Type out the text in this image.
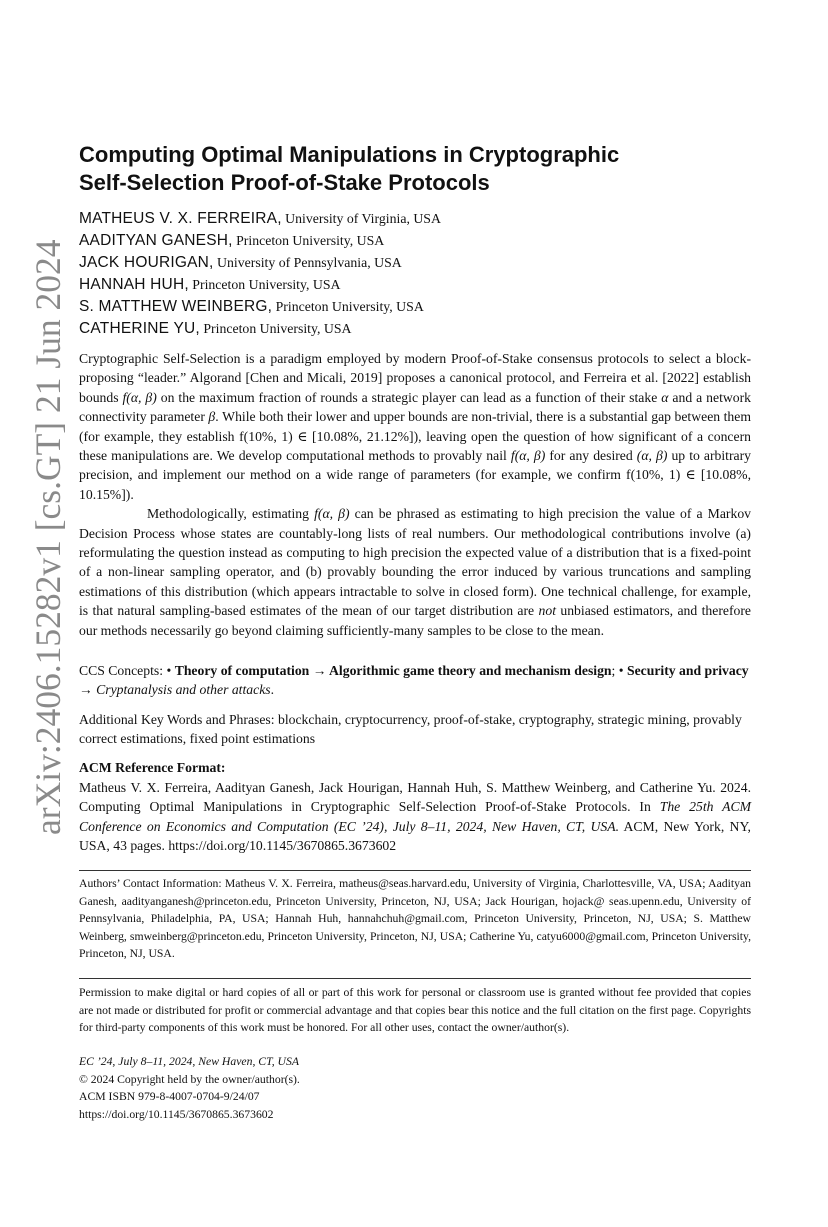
arXiv:2406.15282v1 [cs.GT] 21 Jun 2024
Computing Optimal Manipulations in Cryptographic
Self-Selection Proof-of-Stake Protocols
MATHEUS V. X. FERREIRA, University of Virginia, USA
AADITYAN GANESH, Princeton University, USA
JACK HOURIGAN, University of Pennsylvania, USA
HANNAH HUH, Princeton University, USA
S. MATTHEW WEINBERG, Princeton University, USA
CATHERINE YU, Princeton University, USA

Cryptographic Self-Selection is a paradigm employed by modern Proof-of-Stake consensus protocols to select a block-proposing “leader.” Algorand [Chen and Micali, 2019] proposes a canonical protocol, and Ferreira et al. [2022] establish bounds f(α, β) on the maximum fraction of rounds a strategic player can lead as a function of their stake α and a network connectivity parameter β. While both their lower and upper bounds are non-trivial, there is a substantial gap between them (for example, they establish f(10%, 1) ∈ [10.08%, 21.12%]), leaving open the question of how significant of a concern these manipulations are. We develop computational methods to provably nail f(α, β) for any desired (α, β) up to arbitrary precision, and implement our method on a wide range of parameters (for example, we confirm f(10%, 1) ∈ [10.08%, 10.15%]).

Methodologically, estimating f(α, β) can be phrased as estimating to high precision the value of a Markov Decision Process whose states are countably-long lists of real numbers. Our methodological contributions involve (a) reformulating the question instead as computing to high precision the expected value of a distribution that is a fixed-point of a non-linear sampling operator, and (b) provably bounding the error induced by various truncations and sampling estimations of this distribution (which appears intractable to solve in closed form). One technical challenge, for example, is that natural sampling-based estimates of the mean of our target distribution are not unbiased estimators, and therefore our methods necessarily go beyond claiming sufficiently-many samples to be close to the mean.

CCS Concepts: • Theory of computation → Algorithmic game theory and mechanism design; • Security and privacy → Cryptanalysis and other attacks.
Additional Key Words and Phrases: blockchain, cryptocurrency, proof-of-stake, cryptography, strategic mining, provably correct estimations, fixed point estimations
ACM Reference Format:
Matheus V. X. Ferreira, Aadityan Ganesh, Jack Hourigan, Hannah Huh, S. Matthew Weinberg, and Catherine Yu. 2024. Computing Optimal Manipulations in Cryptographic Self-Selection Proof-of-Stake Protocols. In The 25th ACM Conference on Economics and Computation (EC ’24), July 8–11, 2024, New Haven, CT, USA. ACM, New York, NY, USA, 43 pages. https://doi.org/10.1145/3670865.3673602
Authors’ Contact Information: Matheus V. X. Ferreira, matheus@seas.harvard.edu, University of Virginia, Charlottesville, VA, USA; Aadityan Ganesh, aadityanganesh@princeton.edu, Princeton University, Princeton, NJ, USA; Jack Hourigan, hojack@ seas.upenn.edu, University of Pennsylvania, Philadelphia, PA, USA; Hannah Huh, hannahchuh@gmail.com, Princeton University, Princeton, NJ, USA; S. Matthew Weinberg, smweinberg@princeton.edu, Princeton University, Princeton, NJ, USA; Catherine Yu, catyu6000@gmail.com, Princeton University, Princeton, NJ, USA.
Permission to make digital or hard copies of all or part of this work for personal or classroom use is granted without fee provided that copies are not made or distributed for profit or commercial advantage and that copies bear this notice and the full citation on the first page. Copyrights for third-party components of this work must be honored. For all other uses, contact the owner/author(s).
EC ’24, July 8–11, 2024, New Haven, CT, USA
© 2024 Copyright held by the owner/author(s).
ACM ISBN 979-8-4007-0704-9/24/07
https://doi.org/10.1145/3670865.3673602
